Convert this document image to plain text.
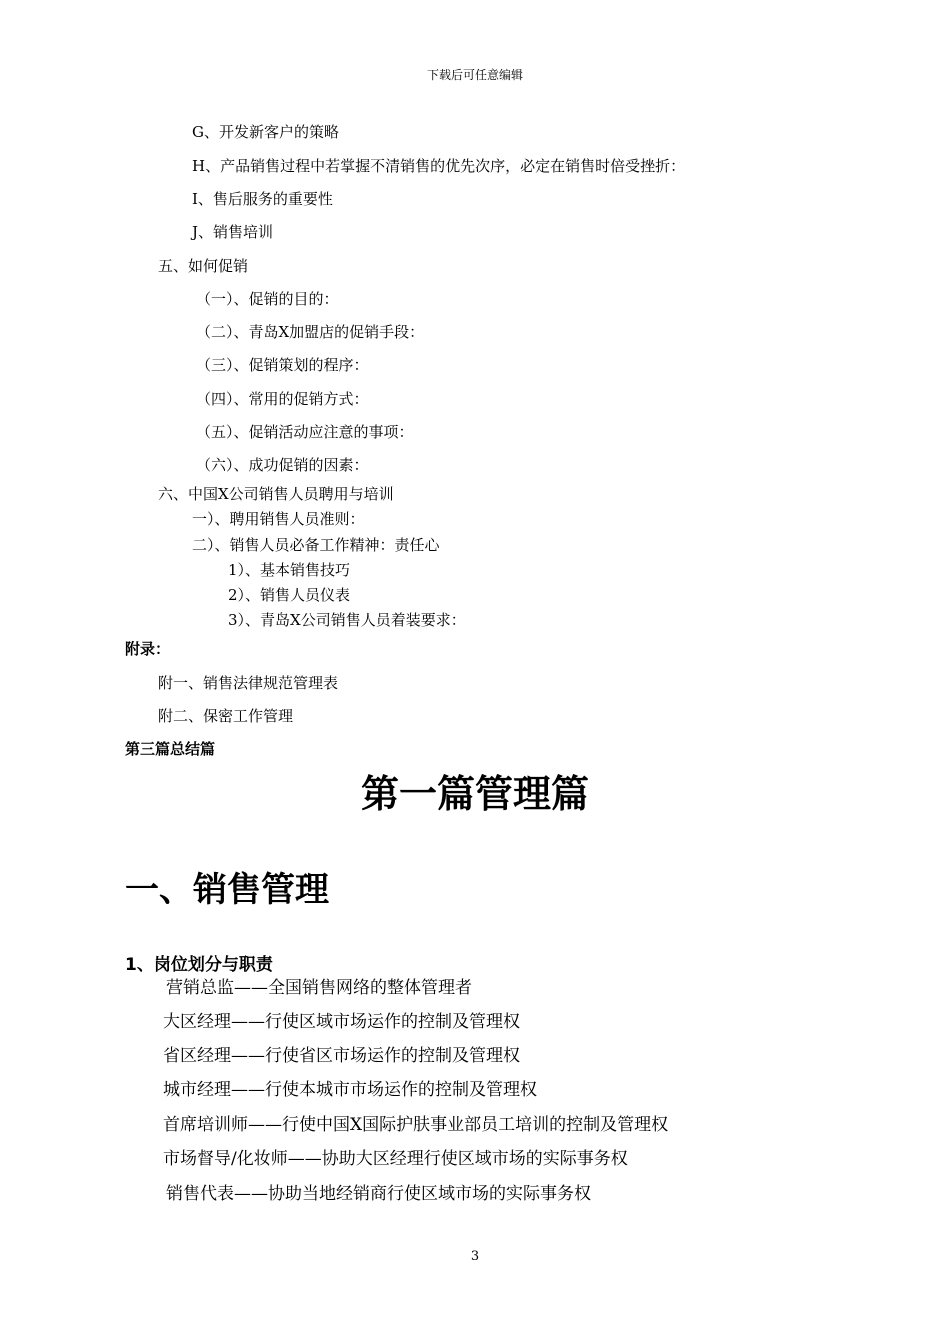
下载后可任意编辑
G、开发新客户的策略
H、产品销售过程中若掌握不清销售的优先次序，必定在销售时倍受挫折：
I、售后服务的重要性
J、销售培训
五、如何促销
（一）、促销的目的：
（二）、青岛X加盟店的促销手段：
（三）、促销策划的程序：
（四）、常用的促销方式：
（五）、促销活动应注意的事项：
（六）、成功促销的因素：
六、中国X公司销售人员聘用与培训
一）、聘用销售人员准则：
二）、销售人员必备工作精神：责任心
1）、基本销售技巧
2）、销售人员仪表
3）、青岛X公司销售人员着装要求：
附录：
附一、销售法律规范管理表
附二、保密工作管理
第三篇总结篇
第一篇管理篇
一、销售管理
1、岗位划分与职责
营销总监——全国销售网络的整体管理者
大区经理——行使区域市场运作的控制及管理权
省区经理——行使省区市场运作的控制及管理权
城市经理——行使本城市市场运作的控制及管理权
首席培训师——行使中国X国际护肤事业部员工培训的控制及管理权
市场督导/化妆师——协助大区经理行使区域市场的实际事务权
销售代表——协助当地经销商行使区域市场的实际事务权
3
